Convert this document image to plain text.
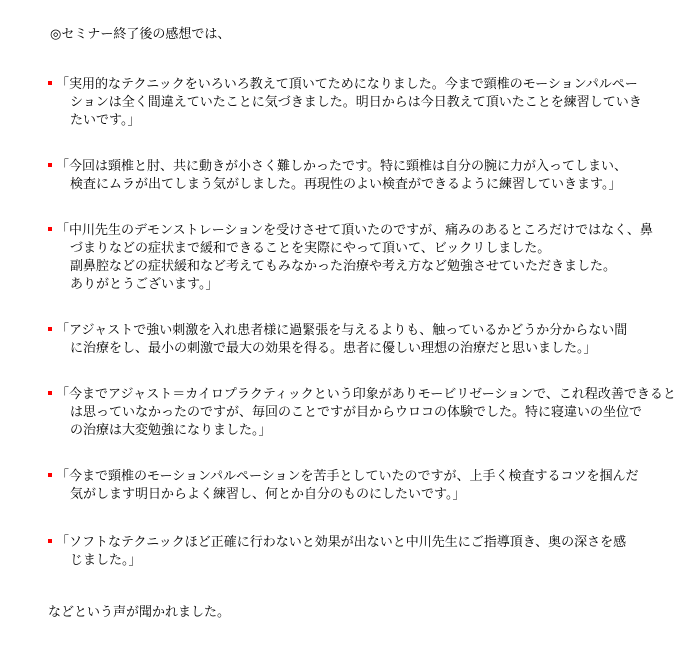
◎セミナー終了後の感想では、
「実用的なテクニックをいろいろ教えて頂いてためになりました。今まで頸椎のモーションパルペー
ションは全く間違えていたことに気づきました。明日からは今日教えて頂いたことを練習していき
たいです。」
「今回は頸椎と肘、共に動きが小さく難しかったです。特に頸椎は自分の腕に力が入ってしまい、
検査にムラが出てしまう気がしました。再現性のよい検査ができるように練習していきます。」
「中川先生のデモンストレーションを受けさせて頂いたのですが、痛みのあるところだけではなく、鼻
づまりなどの症状まで緩和できることを実際にやって頂いて、ビックリしました。
副鼻腔などの症状緩和など考えてもみなかった治療や考え方など勉強させていただきました。
ありがとうございます。」
「アジャストで強い刺激を入れ患者様に過緊張を与えるよりも、触っているかどうか分からない間
に治療をし、最小の刺激で最大の効果を得る。患者に優しい理想の治療だと思いました。」
「今までアジャスト＝カイロプラクティックという印象がありモービリゼーションで、これ程改善できると
は思っていなかったのですが、毎回のことですが目からウロコの体験でした。特に寝違いの坐位で
の治療は大変勉強になりました。」
「今まで頸椎のモーションパルペーションを苦手としていたのですが、上手く検査するコツを掴んだ
気がします明日からよく練習し、何とか自分のものにしたいです。」
「ソフトなテクニックほど正確に行わないと効果が出ないと中川先生にご指導頂き、奥の深さを感
じました。」
などという声が聞かれました。
